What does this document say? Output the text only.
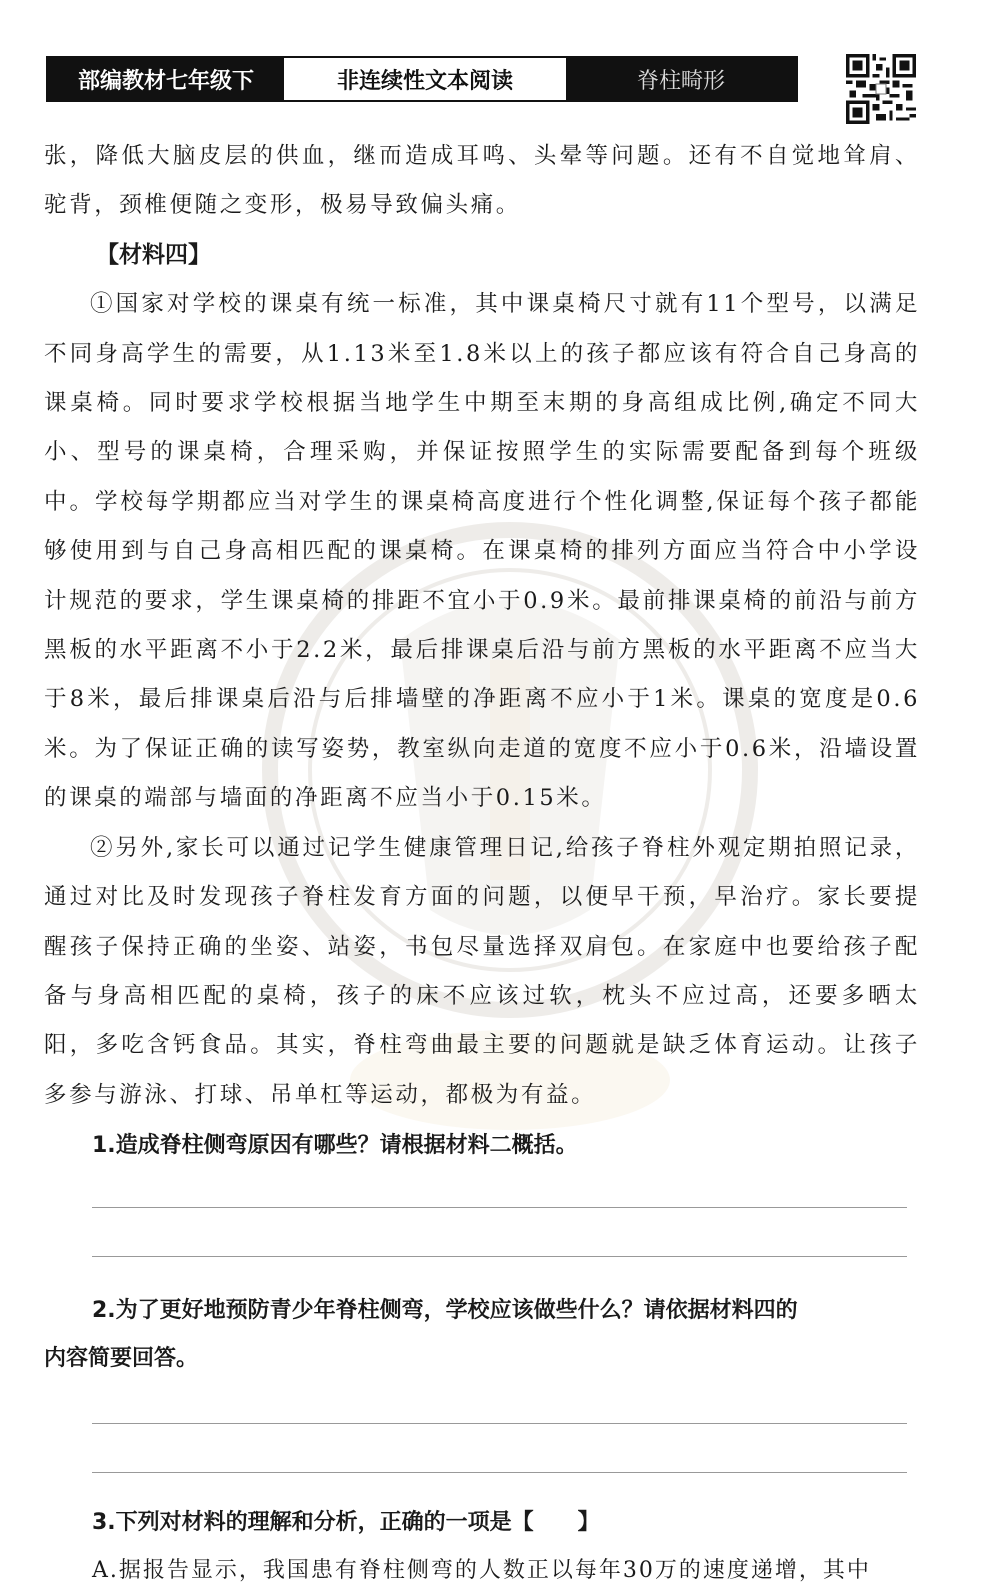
部编教材七年级下	非连续性文本阅读	脊柱畸形

张，降低大脑皮层的供血，继而造成耳鸣、头晕等问题。还有不自觉地耸肩、驼背，颈椎便随之变形，极易导致偏头痛。

【材料四】

①国家对学校的课桌有统一标准，其中课桌椅尺寸就有11个型号，以满足不同身高学生的需要，从1.13米至1.8米以上的孩子都应该有符合自己身高的课桌椅。同时要求学校根据当地学生中期至末期的身高组成比例,确定不同大小、型号的课桌椅，合理采购，并保证按照学生的实际需要配备到每个班级中。学校每学期都应当对学生的课桌椅高度进行个性化调整,保证每个孩子都能够使用到与自己身高相匹配的课桌椅。在课桌椅的排列方面应当符合中小学设计规范的要求，学生课桌椅的排距不宜小于0.9米。最前排课桌椅的前沿与前方黑板的水平距离不小于2.2米，最后排课桌后沿与前方黑板的水平距离不应当大于8米，最后排课桌后沿与后排墙壁的净距离不应小于1米。课桌的宽度是0.6米。为了保证正确的读写姿势，教室纵向走道的宽度不应小于0.6米，沿墙设置的课桌的端部与墙面的净距离不应当小于0.15米。

②另外,家长可以通过记学生健康管理日记,给孩子脊柱外观定期拍照记录，通过对比及时发现孩子脊柱发育方面的问题，以便早干预，早治疗。家长要提醒孩子保持正确的坐姿、站姿，书包尽量选择双肩包。在家庭中也要给孩子配备与身高相匹配的桌椅，孩子的床不应该过软，枕头不应过高，还要多晒太阳，多吃含钙食品。其实，脊柱弯曲最主要的问题就是缺乏体育运动。让孩子多参与游泳、打球、吊单杠等运动，都极为有益。

1.造成脊柱侧弯原因有哪些？请根据材料二概括。

2.为了更好地预防青少年脊柱侧弯，学校应该做些什么？请依据材料四的

内容简要回答。

3.下列对材料的理解和分析，正确的一项是【　　】

A.据报告显示，我国患有脊柱侧弯的人数正以每年30万的速度递增，其中
